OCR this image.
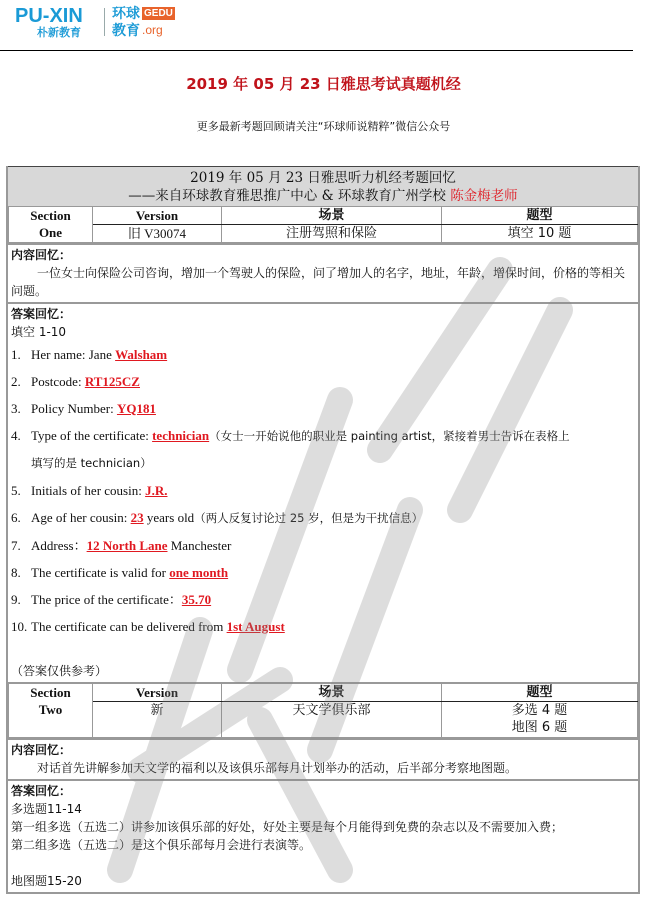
PU-XIN
朴新教育
环球
教育
GEDU
.org
2019 年 05 月 23 日雅思考试真题机经
更多最新考题回顾请关注“环球师说精粹”微信公众号
2019 年 05 月 23 日雅思听力机经考题回忆
——来自环球教育雅思推广中心 & 环球教育广州学校 陈金梅老师
Section
One	Version	场景	题型
	旧 V30074	注册驾照和保险	填空 10 题
内容回忆：
一位女士向保险公司咨询，增加一个驾驶人的保险，问了增加人的名字，地址，年龄，增保时间，价格的等相关问题。
答案回忆：
填空 1-10
1. Her name: Jane Walsham
2. Postcode: RT125CZ
3. Policy Number: YQ181
4. Type of the certificate: technician（女士一开始说他的职业是 painting artist，紧接着男士告诉在表格上
填写的是 technician）
5. Initials of her cousin: J.R.
6. Age of her cousin: 23 years old（两人反复讨论过 25 岁，但是为干扰信息）
7. Address：12 North Lane Manchester
8. The certificate is valid for one month
9. The price of the certificate：35.70
10. The certificate can be delivered from 1st August
（答案仅供参考）
Section
Two	Version	场景	题型
	新	天文学俱乐部	多选 4 题
地图 6 题
内容回忆：
对话首先讲解参加天文学的福利以及该俱乐部每月计划举办的活动，后半部分考察地图题。
答案回忆：
多选题11-14
第一组多选（五选二）讲参加该俱乐部的好处，好处主要是每个月能得到免费的杂志以及不需要加入费；
第二组多选（五选二）是这个俱乐部每月会进行表演等。
地图题15-20
